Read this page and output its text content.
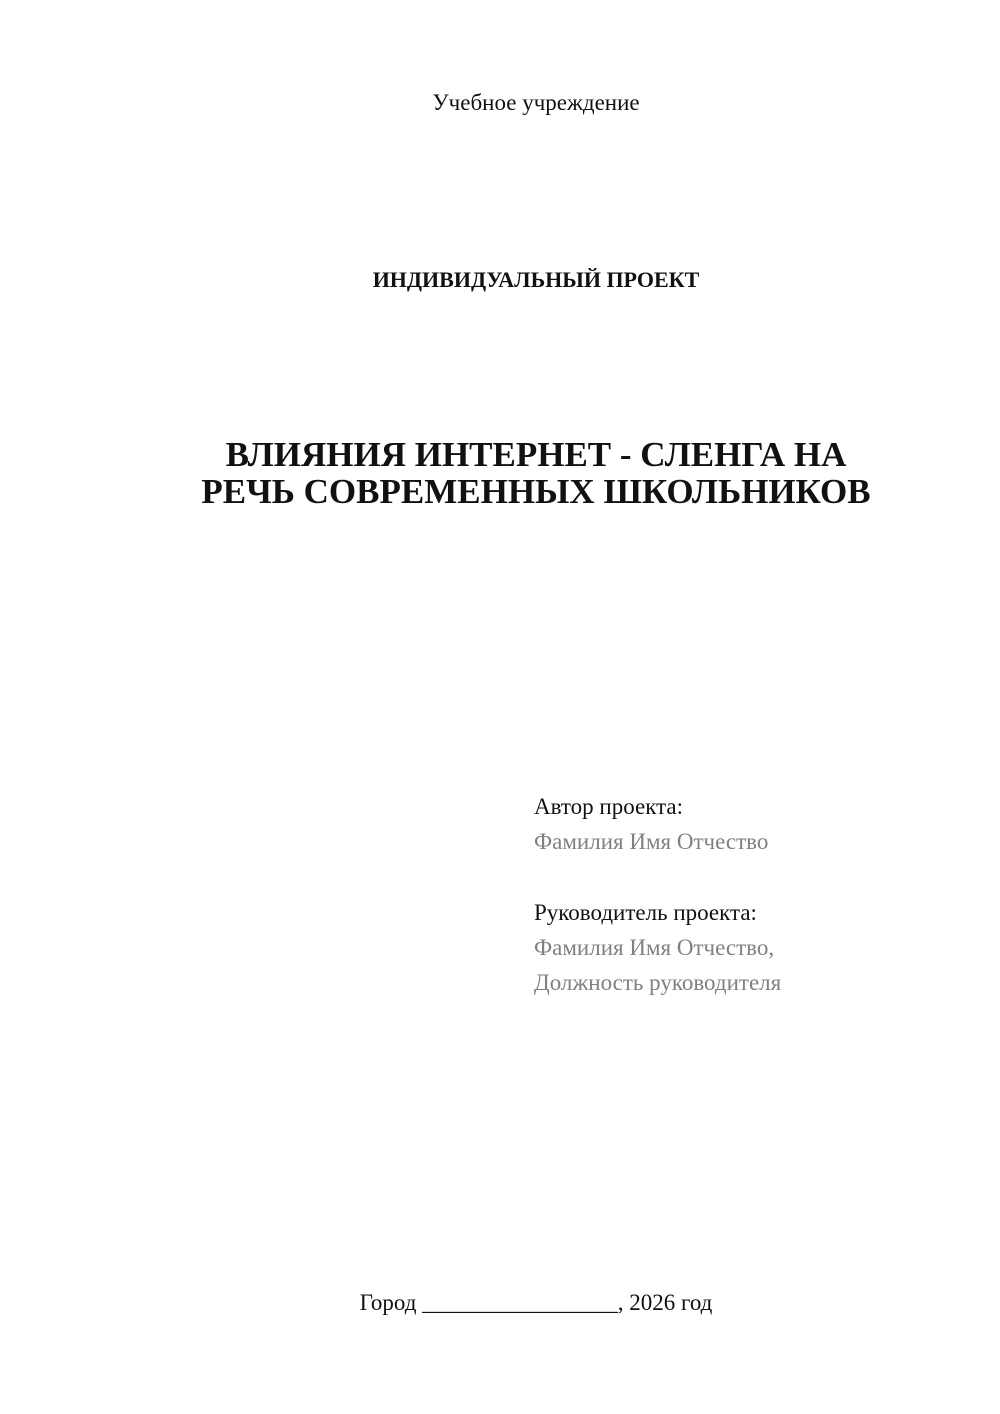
Учебное учреждение
ИНДИВИДУАЛЬНЫЙ ПРОЕКТ
ВЛИЯНИЯ ИНТЕРНЕТ - СЛЕНГА НА
РЕЧЬ СОВРЕМЕННЫХ ШКОЛЬНИКОВ
Автор проекта:
Фамилия Имя Отчество
Руководитель проекта:
Фамилия Имя Отчество,
Должность руководителя
Город _________________, 2026 год
